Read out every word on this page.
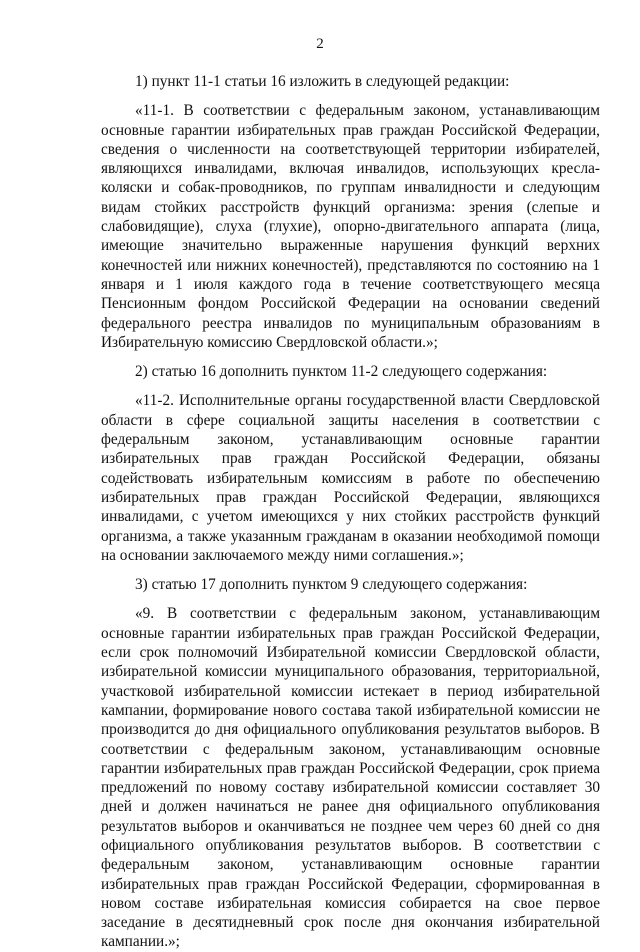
2

1) пункт 11-1 статьи 16 изложить в следующей редакции:

«11-1. В соответствии с федеральным законом, устанавливающим основные гарантии избирательных прав граждан Российской Федерации, сведения о численности на соответствующей территории избирателей, являющихся инвалидами, включая инвалидов, использующих кресла-коляски и собак-проводников, по группам инвалидности и следующим видам стойких расстройств функций организма: зрения (слепые и слабовидящие), слуха (глухие), опорно-двигательного аппарата (лица, имеющие значительно выраженные нарушения функций верхних конечностей или нижних конечностей), представляются по состоянию на 1 января и 1 июля каждого года в течение соответствующего месяца Пенсионным фондом Российской Федерации на основании сведений федерального реестра инвалидов по муниципальным образованиям в Избирательную комиссию Свердловской области.»;

2) статью 16 дополнить пунктом 11-2 следующего содержания:

«11-2. Исполнительные органы государственной власти Свердловской области в сфере социальной защиты населения в соответствии с федеральным законом, устанавливающим основные гарантии избирательных прав граждан Российской Федерации, обязаны содействовать избирательным комиссиям в работе по обеспечению избирательных прав граждан Российской Федерации, являющихся инвалидами, с учетом имеющихся у них стойких расстройств функций организма, а также указанным гражданам в оказании необходимой помощи на основании заключаемого между ними соглашения.»;

3) статью 17 дополнить пунктом 9 следующего содержания:

«9. В соответствии с федеральным законом, устанавливающим основные гарантии избирательных прав граждан Российской Федерации, если срок полномочий Избирательной комиссии Свердловской области, избирательной комиссии муниципального образования, территориальной, участковой избирательной комиссии истекает в период избирательной кампании, формирование нового состава такой избирательной комиссии не производится до дня официального опубликования результатов выборов. В соответствии с федеральным законом, устанавливающим основные гарантии избирательных прав граждан Российской Федерации, срок приема предложений по новому составу избирательной комиссии составляет 30 дней и должен начинаться не ранее дня официального опубликования результатов выборов и оканчиваться не позднее чем через 60 дней со дня официального опубликования результатов выборов. В соответствии с федеральным законом, устанавливающим основные гарантии избирательных прав граждан Российской Федерации, сформированная в новом составе избирательная комиссия собирается на свое первое заседание в десятидневный срок после дня окончания избирательной кампании.»;
